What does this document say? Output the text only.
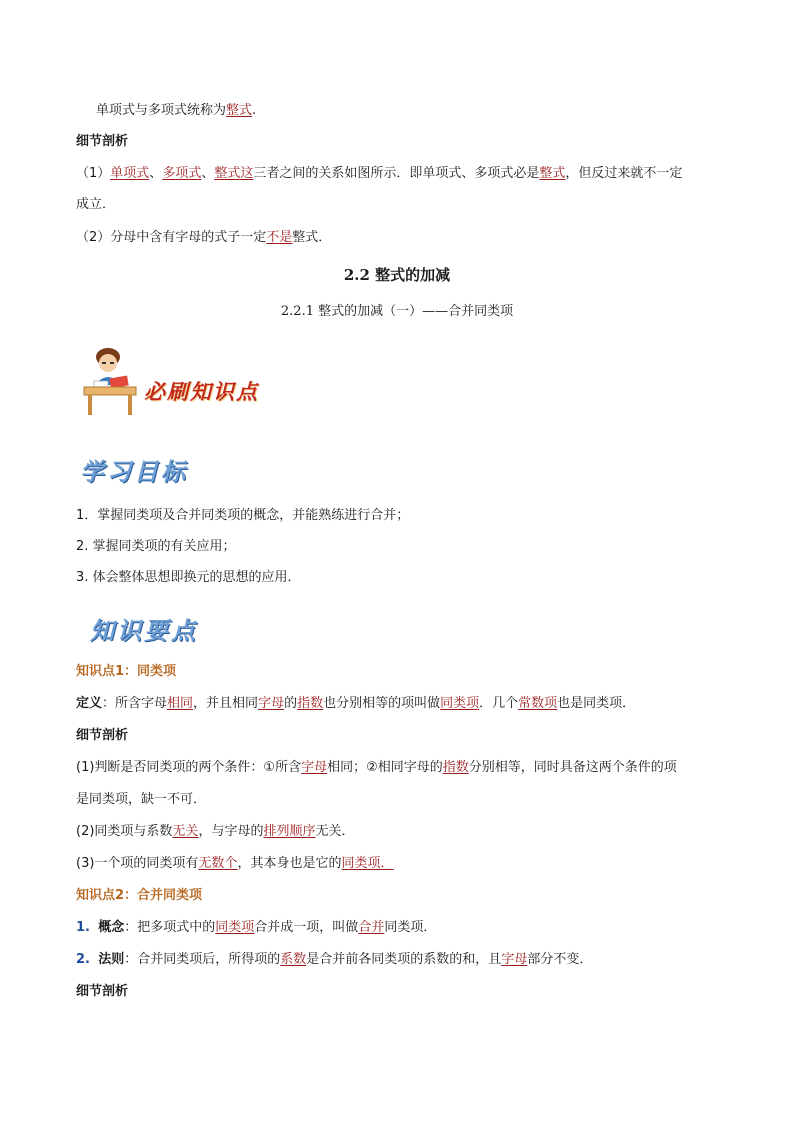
单项式与多项式统称为整式.
细节剖析
（1）单项式、多项式、整式这三者之间的关系如图所示．即单项式、多项式必是整式，但反过来就不一定
成立．
（2）分母中含有字母的式子一定不是整式．
2.2 整式的加减
2.2.1 整式的加减（一）——合并同类项
必刷知识点
学习目标
1．掌握同类项及合并同类项的概念，并能熟练进行合并；
2. 掌握同类项的有关应用；
3. 体会整体思想即换元的思想的应用．
知识要点
知识点1：同类项
定义：所含字母相同，并且相同字母的指数也分别相等的项叫做同类项．几个常数项也是同类项．
细节剖析
(1)判断是否同类项的两个条件：①所含字母相同；②相同字母的指数分别相等，同时具备这两个条件的项
是同类项，缺一不可．
(2)同类项与系数无关，与字母的排列顺序无关．
(3)一个项的同类项有无数个，其本身也是它的同类项．
知识点2：合并同类项
1. 概念：把多项式中的同类项合并成一项，叫做合并同类项．
2. 法则：合并同类项后，所得项的系数是合并前各同类项的系数的和，且字母部分不变．
细节剖析
